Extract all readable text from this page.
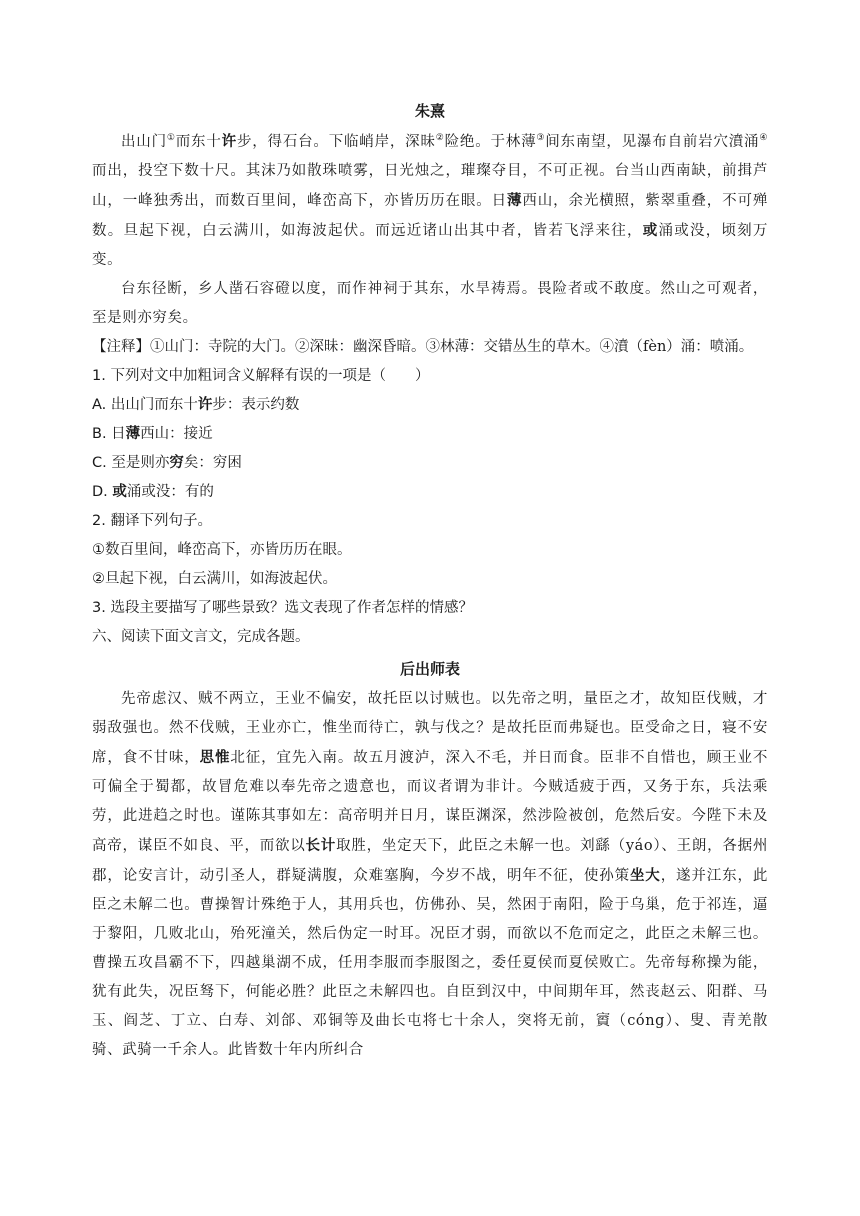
朱熹

出山门①而东十许步，得石台。下临峭岸，深昧②险绝。于林薄③间东南望，见瀑布自前岩穴濆涌④而出，投空下数十尺。其沫乃如散珠喷雾，日光烛之，璀璨夺目，不可正视。台当山西南缺，前揖芦山，一峰独秀出，而数百里间，峰峦高下，亦皆历历在眼。日薄西山，余光横照，紫翠重叠，不可殚数。旦起下视，白云满川，如海波起伏。而远近诸山出其中者，皆若飞浮来往，或涌或没，顷刻万变。

台东径断，乡人凿石容磴以度，而作神祠于其东，水旱祷焉。畏险者或不敢度。然山之可观者，至是则亦穷矣。

【注释】①山门：寺院的大门。②深昧：幽深昏暗。③林薄：交错丛生的草木。④濆（fèn）涌：喷涌。

1. 下列对文中加粗词含义解释有误的一项是（　　）

A. 出山门而东十许步：表示约数

B. 日薄西山：接近

C. 至是则亦穷矣：穷困

D. 或涌或没：有的

2. 翻译下列句子。

①数百里间，峰峦高下，亦皆历历在眼。

②旦起下视，白云满川，如海波起伏。

3. 选段主要描写了哪些景致？选文表现了作者怎样的情感？

六、阅读下面文言文，完成各题。

后出师表

先帝虑汉、贼不两立，王业不偏安，故托臣以讨贼也。以先帝之明，量臣之才，故知臣伐贼，才弱敌强也。然不伐贼，王业亦亡，惟坐而待亡，孰与伐之？是故托臣而弗疑也。臣受命之日，寝不安席，食不甘味，思惟北征，宜先入南。故五月渡泸，深入不毛，并日而食。臣非不自惜也，顾王业不可偏全于蜀都，故冒危难以奉先帝之遗意也，而议者谓为非计。今贼适疲于西，又务于东，兵法乘劳，此进趋之时也。谨陈其事如左：高帝明并日月，谋臣渊深，然涉险被创，危然后安。今陛下未及高帝，谋臣不如良、平，而欲以长计取胜，坐定天下，此臣之未解一也。刘繇（yáo）、王朗，各据州郡，论安言计，动引圣人，群疑满腹，众难塞胸，今岁不战，明年不征，使孙策坐大，遂并江东，此臣之未解二也。曹操智计殊绝于人，其用兵也，仿佛孙、吴，然困于南阳，险于乌巢，危于祁连，逼于黎阳，几败北山，殆死潼关，然后伪定一时耳。况臣才弱，而欲以不危而定之，此臣之未解三也。曹操五攻昌霸不下，四越巢湖不成，任用李服而李服图之，委任夏侯而夏侯败亡。先帝每称操为能，犹有此失，况臣驽下，何能必胜？此臣之未解四也。自臣到汉中，中间期年耳，然丧赵云、阳群、马玉、阎芝、丁立、白寿、刘郃、邓铜等及曲长屯将七十余人，突将无前，賨（cóng）、叟、青羌散骑、武骑一千余人。此皆数十年内所纠合
